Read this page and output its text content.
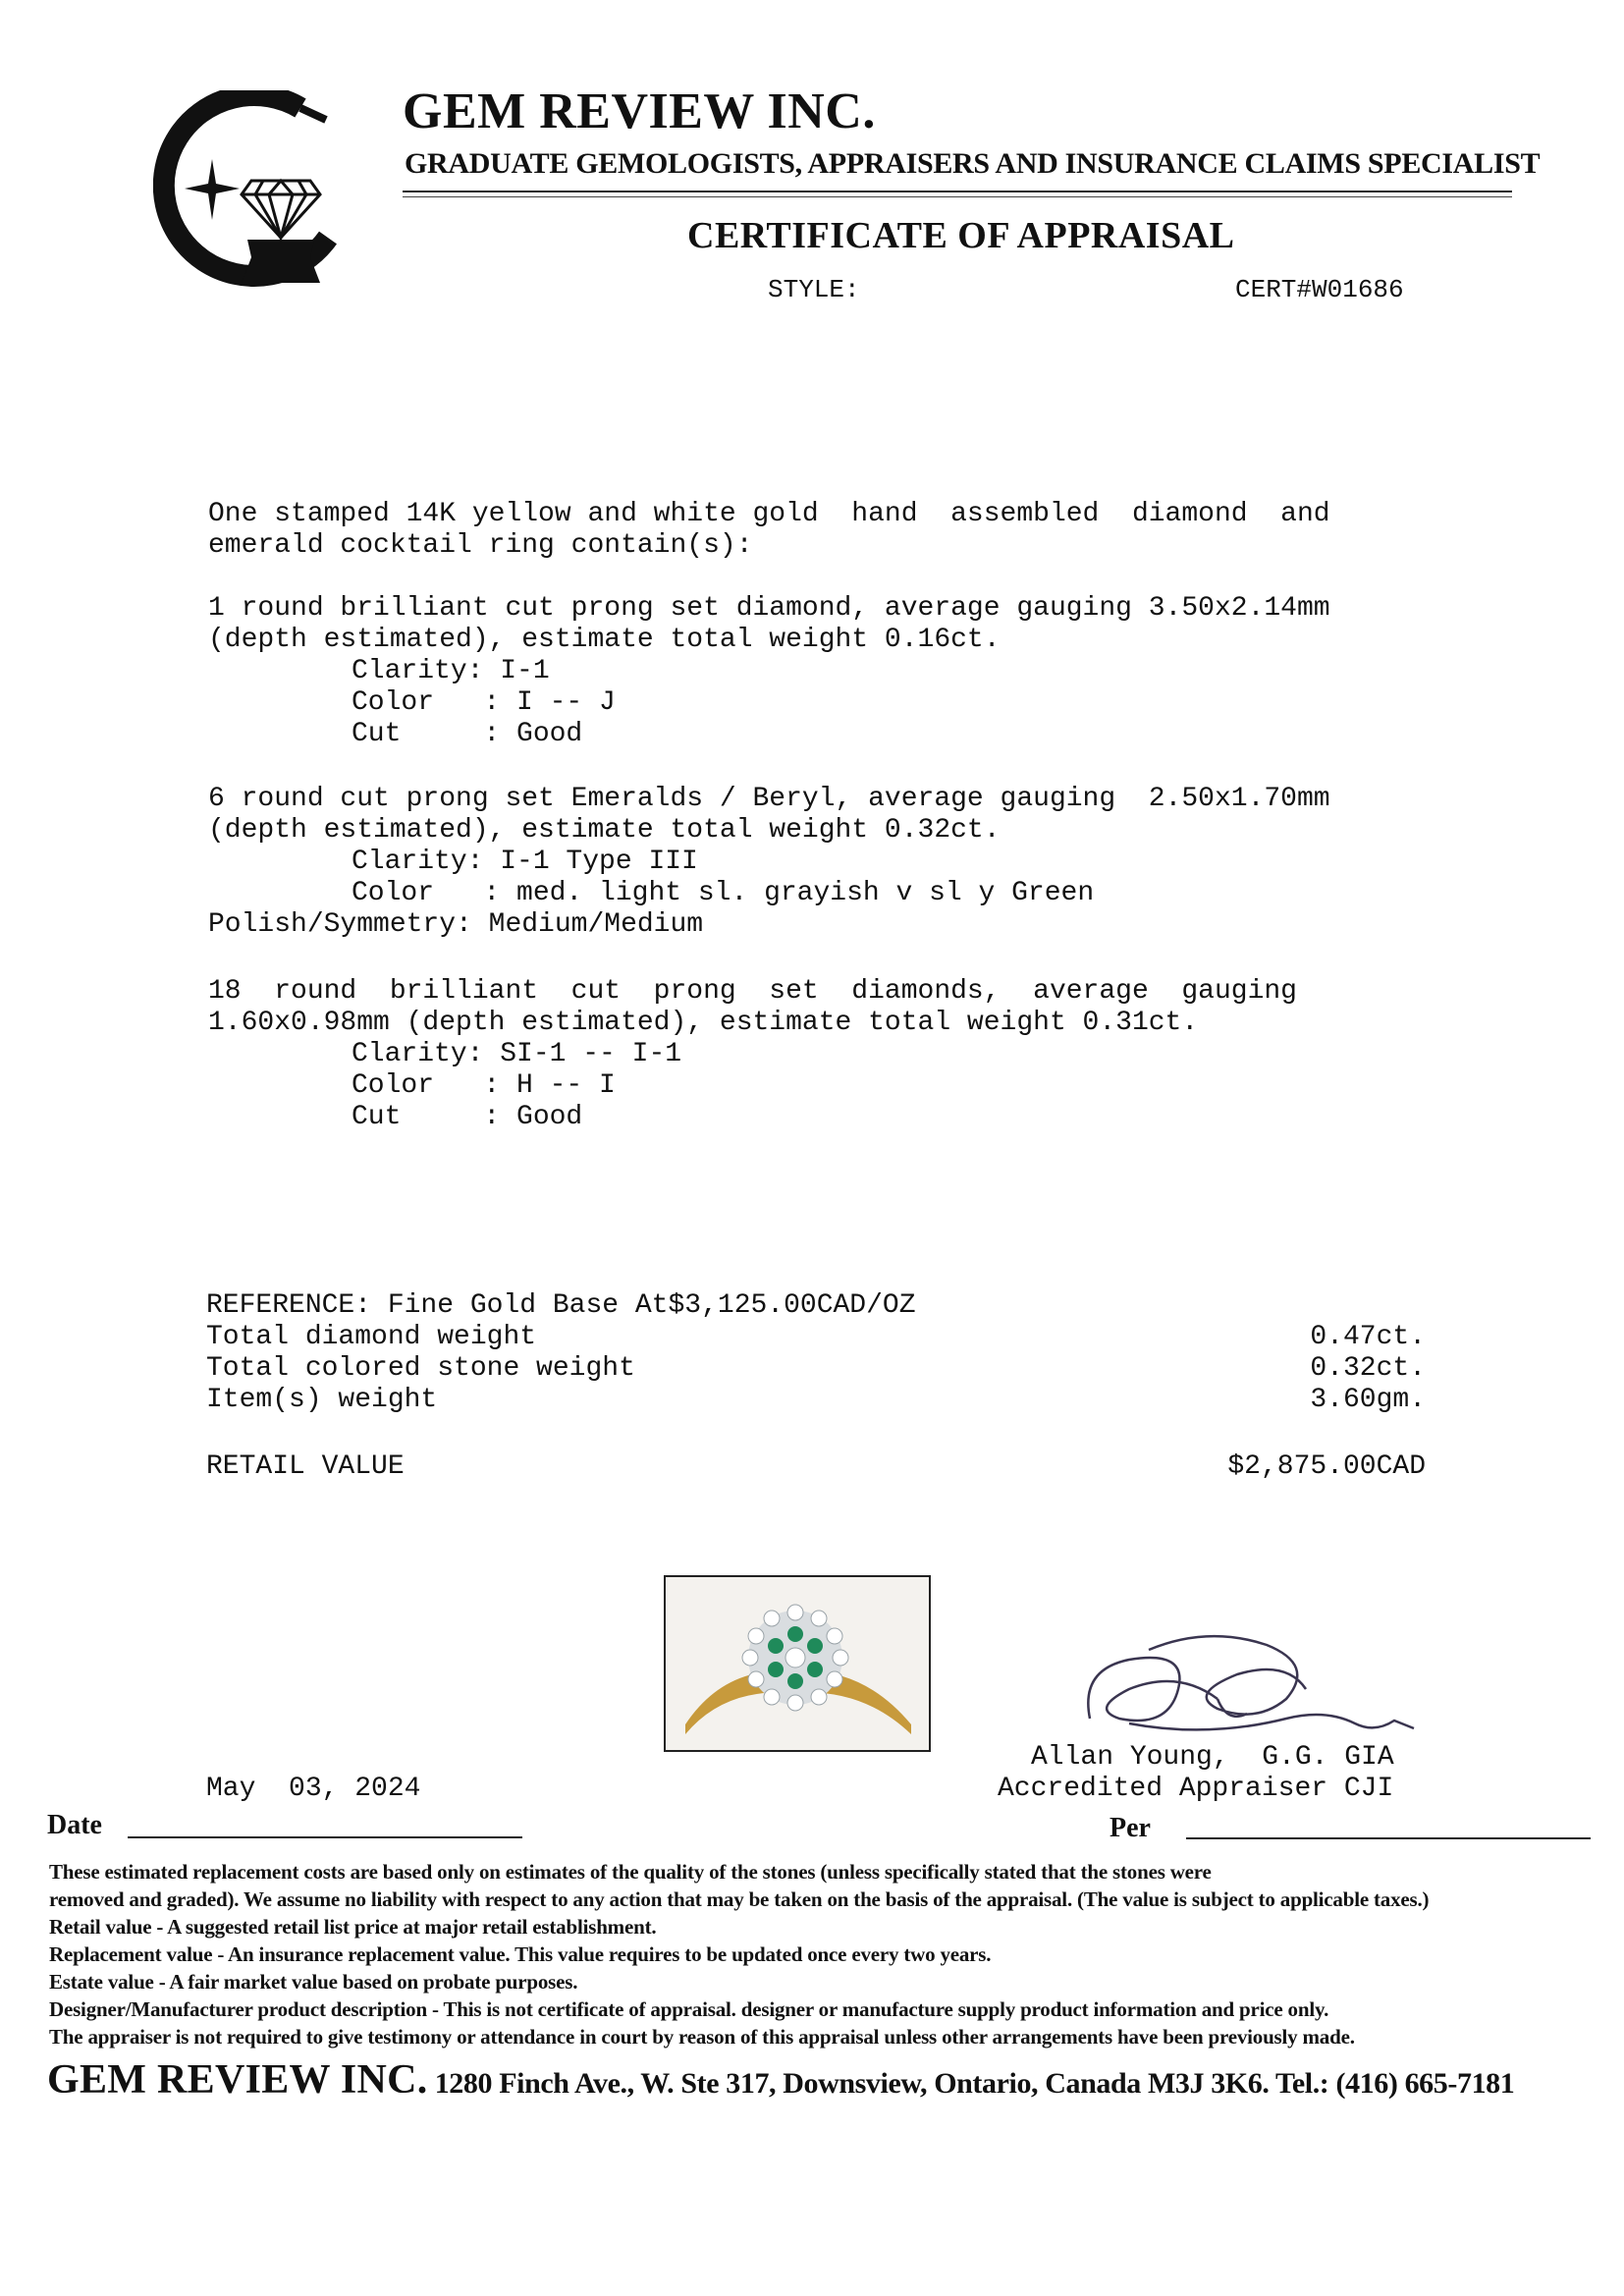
GEM REVIEW INC.
GRADUATE GEMOLOGISTS, APPRAISERS AND INSURANCE CLAIMS SPECIALIST
CERTIFICATE OF APPRAISAL
STYLE:	CERT#W01686
One stamped 14K yellow and white gold  hand  assembled  diamond  and
emerald cocktail ring contain(s):
1 round brilliant cut prong set diamond, average gauging 3.50x2.14mm
(depth estimated), estimate total weight 0.16ct.
Clarity: I-1
Color   : I -- J
Cut     : Good
6 round cut prong set Emeralds / Beryl, average gauging  2.50x1.70mm
(depth estimated), estimate total weight 0.32ct.
Clarity: I-1 Type III
Color   : med. light sl. grayish v sl y Green
Polish/Symmetry: Medium/Medium
18  round  brilliant  cut  prong  set  diamonds,  average  gauging
1.60x0.98mm (depth estimated), estimate total weight 0.31ct.
Clarity: SI-1 -- I-1
Color   : H -- I
Cut     : Good
REFERENCE: Fine Gold Base At$3,125.00CAD/OZ
Total diamond weight	0.47ct.
Total colored stone weight	0.32ct.
Item(s) weight	3.60gm.
RETAIL VALUE	$2,875.00CAD
Allan Young,  G.G. GIA
Accredited Appraiser CJI
May  03, 2024
Date	Per
These estimated replacement costs are based only on estimates of the quality of the stones (unless specifically stated that the stones were
removed and graded). We assume no liability with respect to any action that may be taken on the basis of the appraisal. (The value is subject to applicable taxes.)
Retail value - A suggested retail list price at major retail establishment.
Replacement value - An insurance replacement value. This value requires to be updated once every two years.
Estate value - A fair market value based on probate purposes.
Designer/Manufacturer product description - This is not certificate of appraisal. designer or manufacture supply product information and price only.
The appraiser is not required to give testimony or attendance in court by reason of this appraisal unless other arrangements have been previously made.
GEM REVIEW INC. 1280 Finch Ave., W. Ste 317, Downsview, Ontario, Canada M3J 3K6. Tel.: (416) 665-7181
